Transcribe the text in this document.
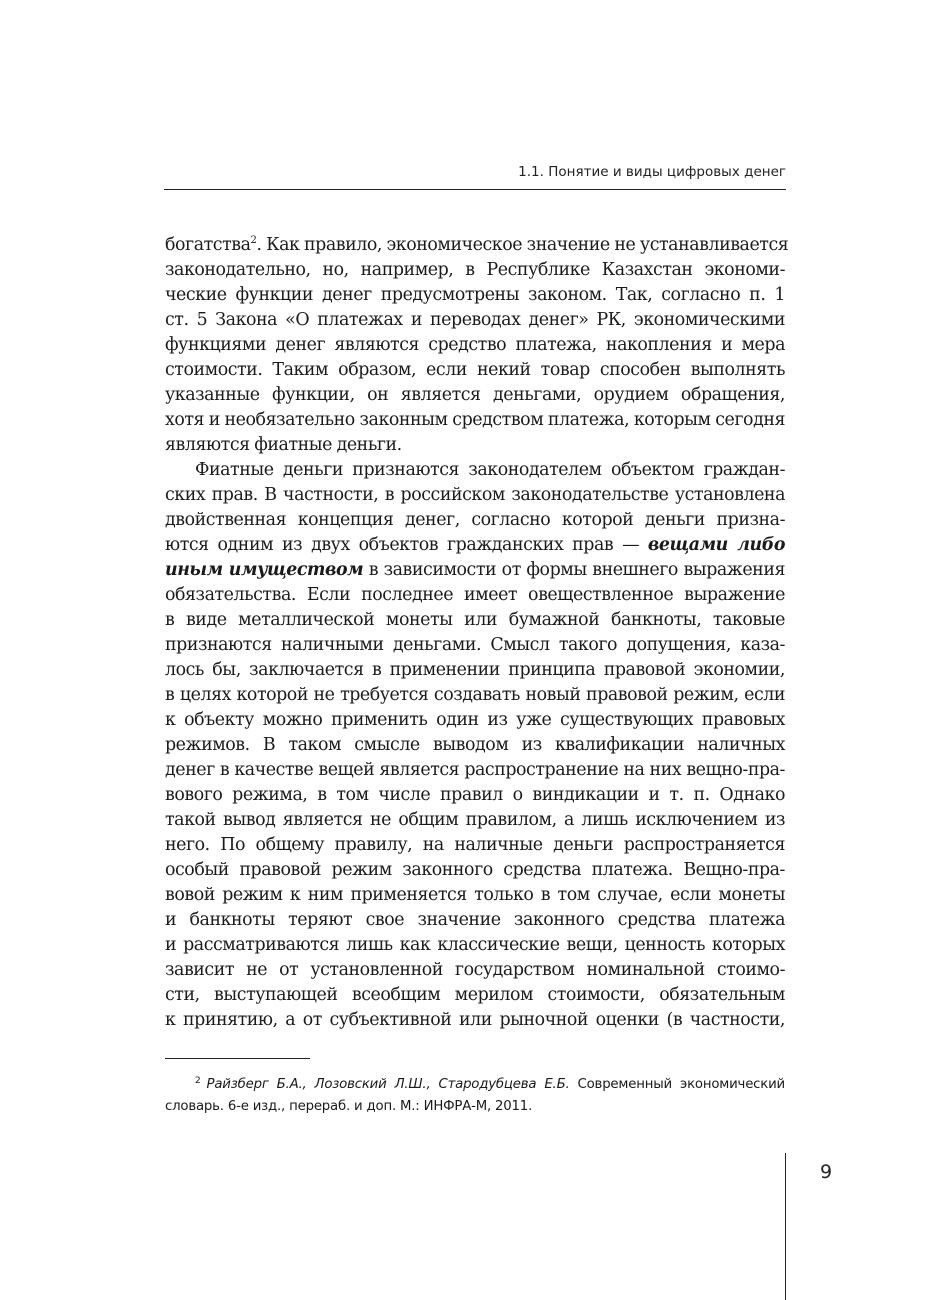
1.1. Понятие и виды цифровых денег
богатства$^2$. Как правило, экономическое значение не устанавливается
законодательно, но, например, в Республике Казахстан экономи-
ческие функции денег предусмотрены законом. Так, согласно п. 1
ст. 5 Закона «О платежах и переводах денег» РК, экономическими
функциями денег являются средство платежа, накопления и мера
стоимости. Таким образом, если некий товар способен выполнять
указанные функции, он является деньгами, орудием обращения,
хотя и необязательно законным средством платежа, которым сегодня
являются фиатные деньги.
Фиатные деньги признаются законодателем объектом граждан-
ских прав. В частности, в российском законодательстве установлена
двойственная концепция денег, согласно которой деньги призна-
ются одним из двух объектов гражданских прав — вещами либо
иным имуществом в зависимости от формы внешнего выражения
обязательства. Если последнее имеет овеществленное выражение
в виде металлической монеты или бумажной банкноты, таковые
признаются наличными деньгами. Смысл такого допущения, каза-
лось бы, заключается в применении принципа правовой экономии,
в целях которой не требуется создавать новый правовой режим, если
к объекту можно применить один из уже существующих правовых
режимов. В таком смысле выводом из квалификации наличных
денег в качестве вещей является распространение на них вещно-пра-
вового режима, в том числе правил о виндикации и т. п. Однако
такой вывод является не общим правилом, а лишь исключением из
него. По общему правилу, на наличные деньги распространяется
особый правовой режим законного средства платежа. Вещно-пра-
вовой режим к ним применяется только в том случае, если монеты
и банкноты теряют свое значение законного средства платежа
и рассматриваются лишь как классические вещи, ценность которых
зависит не от установленной государством номинальной стоимо-
сти, выступающей всеобщим мерилом стоимости, обязательным
к принятию, а от субъективной или рыночной оценки (в частности,
$^2$ Райзберг Б.А., Лозовский Л.Ш., Стародубцева Е.Б. Современный экономический
словарь. 6-е изд., перераб. и доп. М.: ИНФРА-М, 2011.
9
